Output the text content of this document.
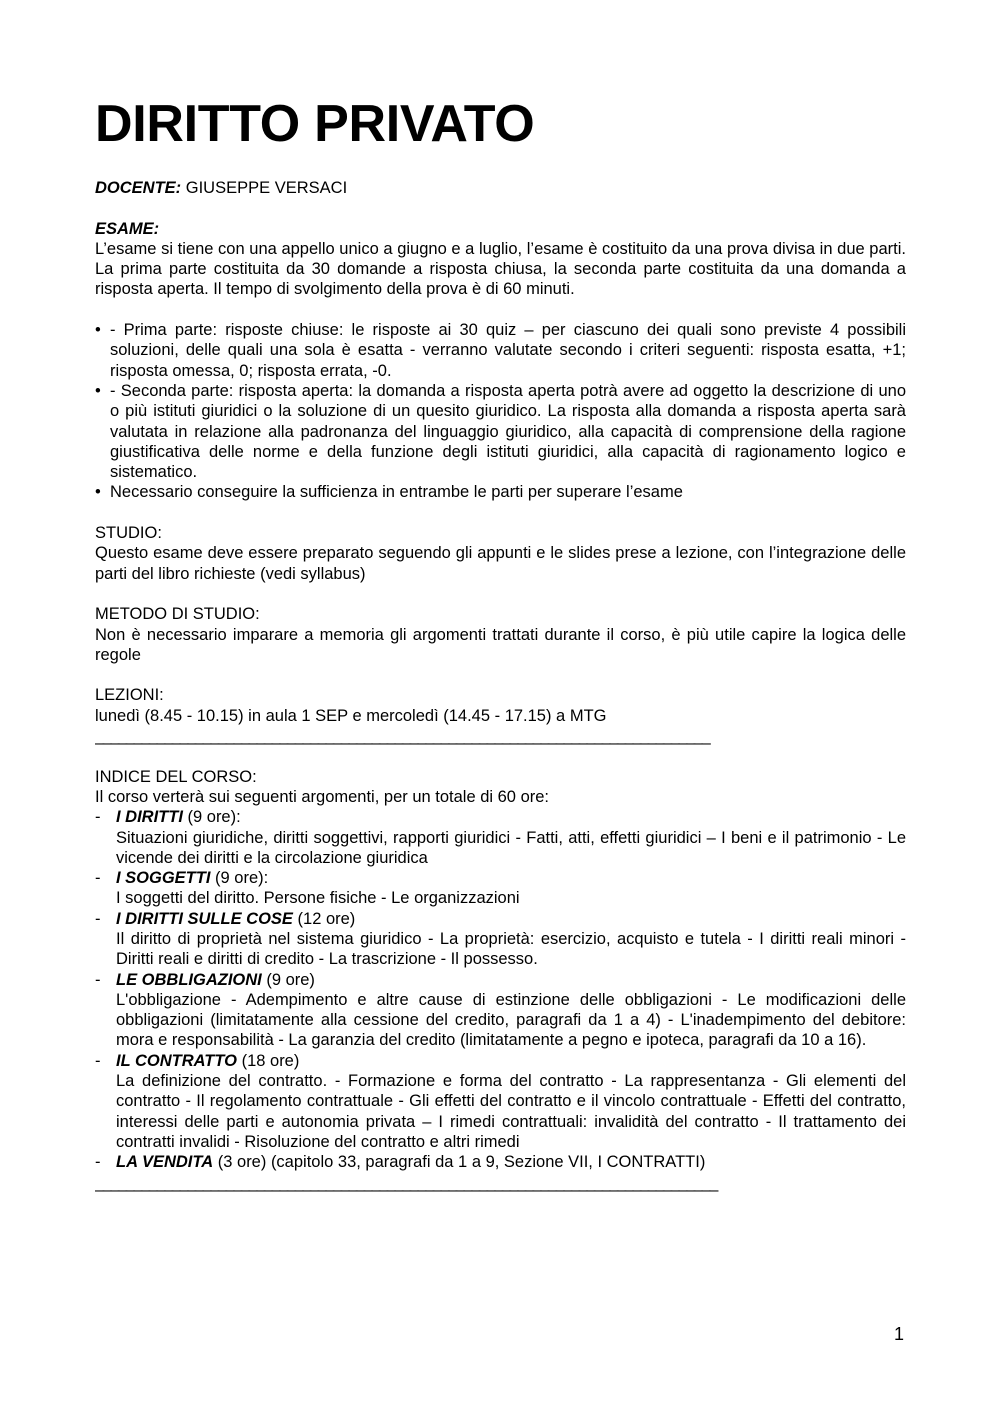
DIRITTO PRIVATO

DOCENTE: GIUSEPPE VERSACI

ESAME:

L’esame si tiene con una appello unico a giugno e a luglio, l’esame è costituito da una prova divisa in due parti. La prima parte costituita da 30 domande a risposta chiusa, la seconda parte costituita da una domanda a risposta aperta. Il tempo di svolgimento della prova è di 60 minuti.

• - Prima parte: risposte chiuse: le risposte ai 30 quiz – per ciascuno dei quali sono previste 4 possibili soluzioni, delle quali una sola è esatta - verranno valutate secondo i criteri seguenti: risposta esatta, +1; risposta omessa, 0; risposta errata, -0.
• - Seconda parte: risposta aperta: la domanda a risposta aperta potrà avere ad oggetto la descrizione di uno o più istituti giuridici o la soluzione di un quesito giuridico. La risposta alla domanda a risposta aperta sarà valutata in relazione alla padronanza del linguaggio giuridico, alla capacità di comprensione della ragione giustificativa delle norme e della funzione degli istituti giuridici, alla capacità di ragionamento logico e sistematico.
• Necessario conseguire la sufficienza in entrambe le parti per superare l’esame

STUDIO:

Questo esame deve essere preparato seguendo gli appunti e le slides prese a lezione, con l’integrazione delle parti del libro richieste (vedi syllabus)

METODO DI STUDIO:

Non è necessario imparare a memoria gli argomenti trattati durante il corso, è più utile capire la logica delle regole

LEZIONI:

lunedì (8.45 - 10.15) in aula 1 SEP e mercoledì (14.45 - 17.15) a MTG

________________________________________________________________________________

INDICE DEL CORSO:

Il corso verterà sui seguenti argomenti, per un totale di 60 ore:

- I DIRITTI (9 ore):
Situazioni giuridiche, diritti soggettivi, rapporti giuridici - Fatti, atti, effetti giuridici – I beni e il patrimonio - Le vicende dei diritti e la circolazione giuridica
- I SOGGETTI (9 ore):
I soggetti del diritto. Persone fisiche - Le organizzazioni
- I DIRITTI SULLE COSE (12 ore)
Il diritto di proprietà nel sistema giuridico - La proprietà: esercizio, acquisto e tutela - I diritti reali minori - Diritti reali e diritti di credito - La trascrizione - Il possesso.
- LE OBBLIGAZIONI (9 ore)
L'obbligazione - Adempimento e altre cause di estinzione delle obbligazioni - Le modificazioni delle obbligazioni (limitatamente alla cessione del credito, paragrafi da 1 a 4) - L'inadempimento del debitore: mora e responsabilità - La garanzia del credito (limitatamente a pegno e ipoteca, paragrafi da 10 a 16).
- IL CONTRATTO (18 ore)
La definizione del contratto. - Formazione e forma del contratto - La rappresentanza - Gli elementi del contratto - Il regolamento contrattuale - Gli effetti del contratto e il vincolo contrattuale - Effetti del contratto, interessi delle parti e autonomia privata – I rimedi contrattuali: invalidità del contratto - Il trattamento dei contratti invalidi - Risoluzione del contratto e altri rimedi
- LA VENDITA (3 ore) (capitolo 33, paragrafi da 1 a 9, Sezione VII, I CONTRATTI)
_________________________________________________________________________________
1
